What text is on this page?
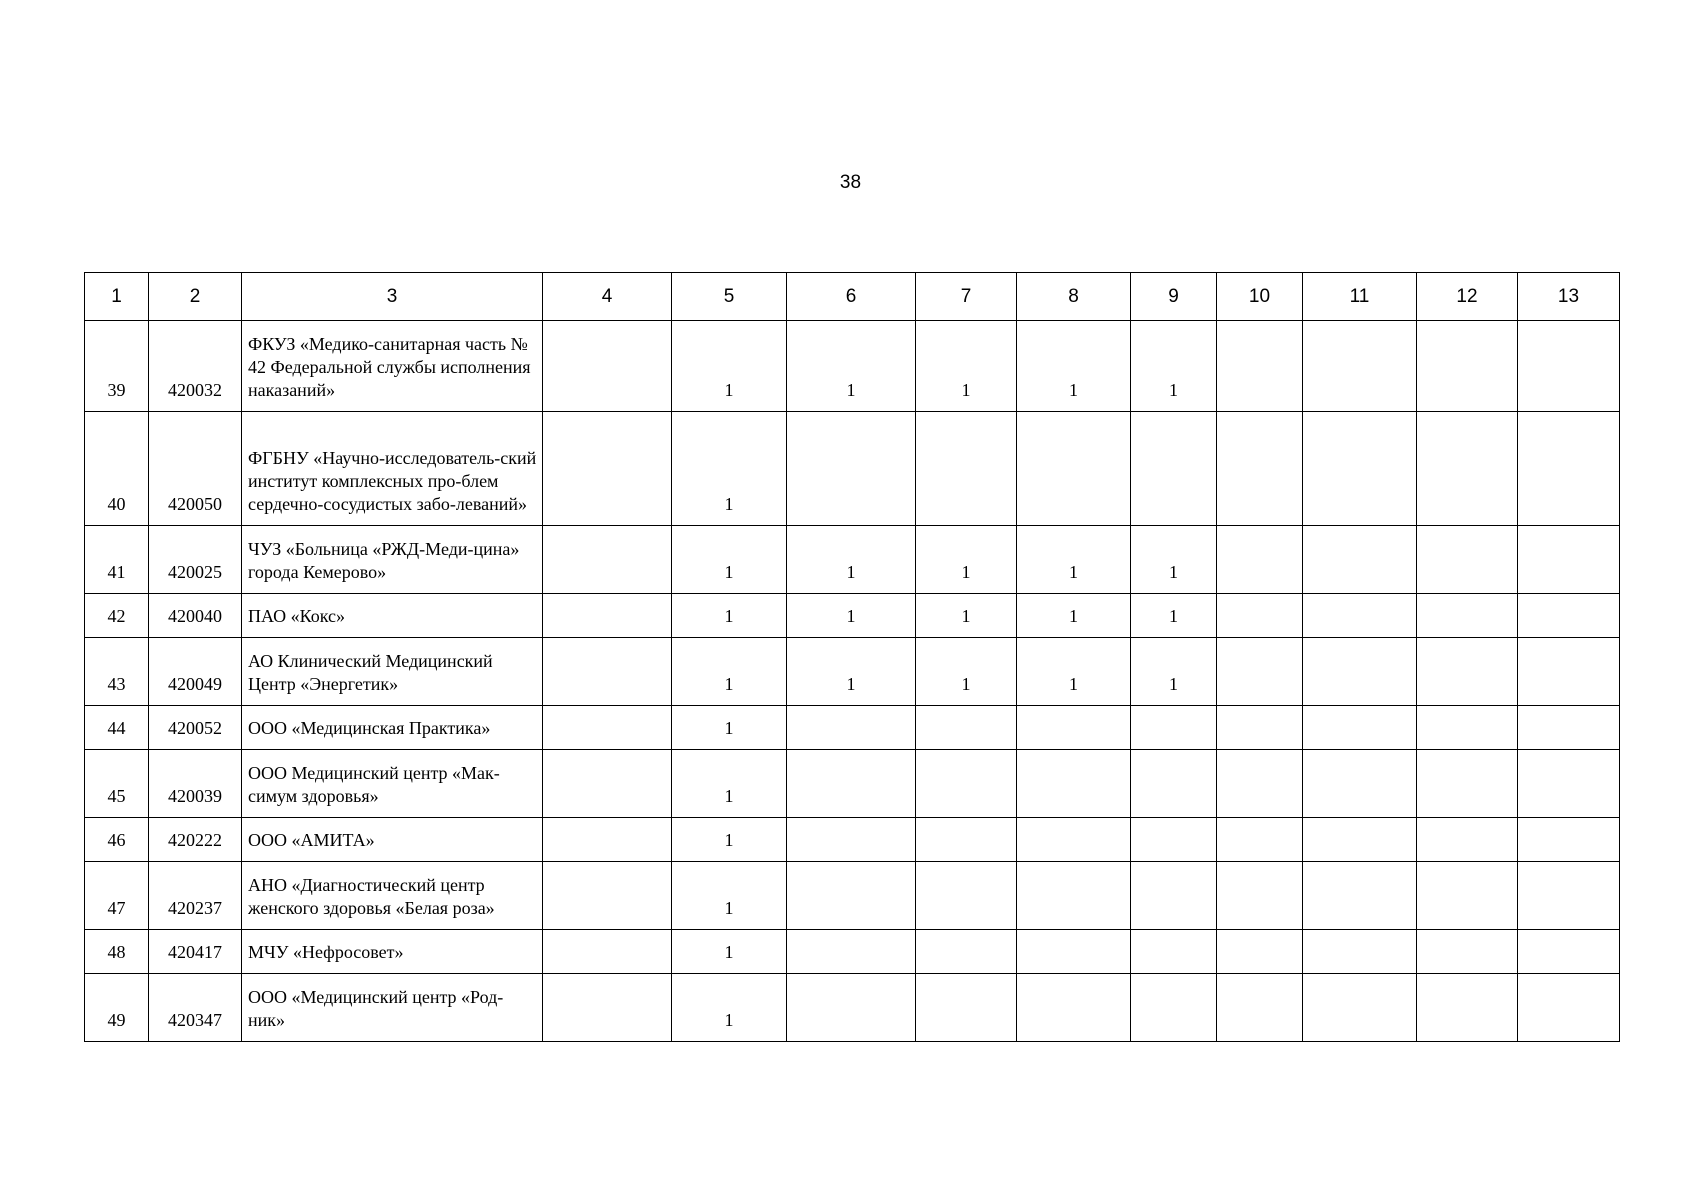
38
1	2	3	4	5	6	7	8	9	10	11	12	13
39	420032	ФКУЗ «Медико-санитарная часть № 42 Федеральной службы исполнения наказаний»		1	1	1	1	1				
40	420050	ФГБНУ «Научно-исследователь-ский институт комплексных про-блем сердечно-сосудистых забо-леваний»		1								
41	420025	ЧУЗ «Больница «РЖД-Меди-цина» города Кемерово»		1	1	1	1	1				
42	420040	ПАО «Кокс»		1	1	1	1	1				
43	420049	АО Клинический Медицинский Центр «Энергетик»		1	1	1	1	1				
44	420052	ООО «Медицинская Практика»		1								
45	420039	ООО Медицинский центр «Мак-симум здоровья»		1								
46	420222	ООО «АМИТА»		1								
47	420237	АНО «Диагностический центр женского здоровья «Белая роза»		1								
48	420417	МЧУ «Нефросовет»		1								
49	420347	ООО «Медицинский центр «Род-ник»		1								
